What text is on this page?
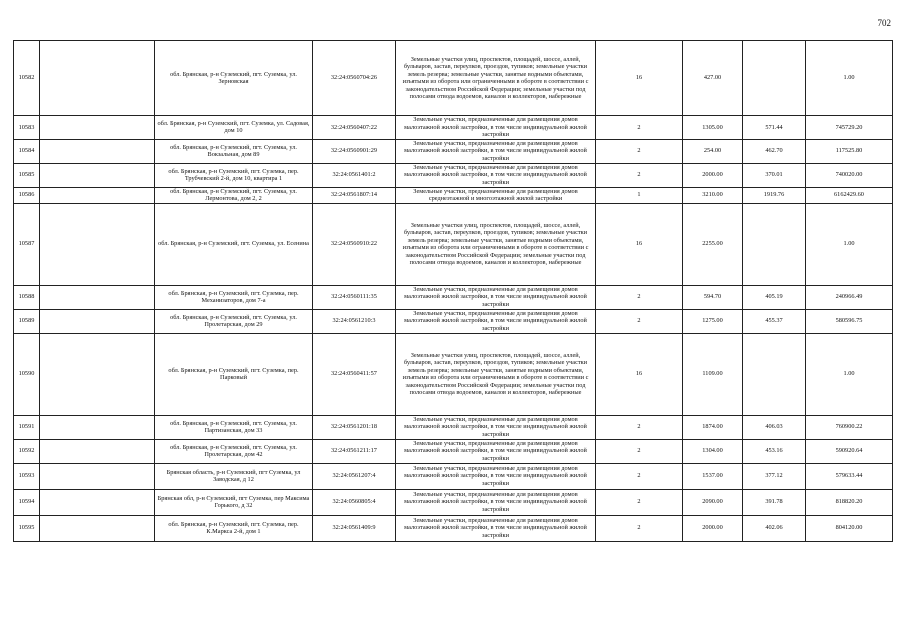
702
10582		обл. Брянская, р-н Суземский, пгт. Суземка, ул. Зерновская	32:24:0560704:26	Земельные участки улиц, проспектов, площадей, шоссе, аллей, бульваров, застав, переулков, проездов, тупиков; земельные участки земель резерва; земельные участки, занятые водными объектами, изъятыми из оборота или ограниченными в обороте в соответствии с законодательством Российской Федерации; земельные участки под полосами отвода водоемов, каналов и коллекторов, набережные	16	427.00		1.00
10583		обл. Брянская, р-н Суземский, пгт. Суземка, ул. Садовая, дом 10	32:24:0560407:22	Земельные участки, предназначенные для размещения домов малоэтажной жилой застройки, в том числе индивидуальной жилой застройки	2	1305.00	571.44	745729.20
10584		обл. Брянская, р-н Суземский, пгт. Суземка, ул. Вокзальная, дом 89	32:24:0560901:29	Земельные участки, предназначенные для размещения домов малоэтажной жилой застройки, в том числе индивидуальной жилой застройки	2	254.00	462.70	117525.80
10585		обл. Брянская, р-н Суземский, пгт. Суземка, пер. Трубчевский 2-й, дом 10, квартира 1	32:24:0561401:2	Земельные участки, предназначенные для размещения домов малоэтажной жилой застройки, в том числе индивидуальной жилой застройки	2	2000.00	370.01	740020.00
10586		обл. Брянская, р-н Суземский, пгт. Суземка, ул. Лермонтова, дом 2, 2	32:24:0561807:14	Земельные участки, предназначенные для размещения домов среднеэтажной и многоэтажной жилой застройки	1	3210.00	1919.76	6162429.60
10587		обл. Брянская, р-н Суземский, пгт. Суземка, ул. Есенина	32:24:0560910:22	Земельные участки улиц, проспектов, площадей, шоссе, аллей, бульваров, застав, переулков, проездов, тупиков; земельные участки земель резерва; земельные участки, занятые водными объектами, изъятыми из оборота или ограниченными в обороте в соответствии с законодательством Российской Федерации; земельные участки под полосами отвода водоемов, каналов и коллекторов, набережные	16	2255.00		1.00
10588		обл. Брянская, р-н Суземский, пгт. Суземка, пер. Механизаторов, дом 7-а	32:24:0560111:35	Земельные участки, предназначенные для размещения домов малоэтажной жилой застройки, в том числе индивидуальной жилой застройки	2	594.70	405.19	240966.49
10589		обл. Брянская, р-н Суземский, пгт. Суземка, ул. Пролетарская, дом 29	32:24:0561210:3	Земельные участки, предназначенные для размещения домов малоэтажной жилой застройки, в том числе индивидуальной жилой застройки	2	1275.00	455.37	580596.75
10590		обл. Брянская, р-н Суземский, пгт. Суземка, пер. Парковый	32:24:0560411:57	Земельные участки улиц, проспектов, площадей, шоссе, аллей, бульваров, застав, переулков, проездов, тупиков; земельные участки земель резерва; земельные участки, занятые водными объектами, изъятыми из оборота или ограниченными в обороте в соответствии с законодательством Российской Федерации; земельные участки под полосами отвода водоемов, каналов и коллекторов, набережные	16	1109.00		1.00
10591		обл. Брянская, р-н Суземский, пгт. Суземка, ул. Партизанская, дом 33	32:24:0561201:18	Земельные участки, предназначенные для размещения домов малоэтажной жилой застройки, в том числе индивидуальной жилой застройки	2	1874.00	406.03	760900.22
10592		обл. Брянская, р-н Суземский, пгт. Суземка, ул. Пролетарская, дом 42	32:24:0561211:17	Земельные участки, предназначенные для размещения домов малоэтажной жилой застройки, в том числе индивидуальной жилой застройки	2	1304.00	453.16	590920.64
10593		Брянская область, р-н Суземский, пгт Суземка, ул Заводская, д 12	32:24:0561207:4	Земельные участки, предназначенные для размещения домов малоэтажной жилой застройки, в том числе индивидуальной жилой застройки	2	1537.00	377.12	579633.44
10594		Брянская обл, р-н Суземский, пгт Суземка, пер Максима Горького, д 32	32:24:0560805:4	Земельные участки, предназначенные для размещения домов малоэтажной жилой застройки, в том числе индивидуальной жилой застройки	2	2090.00	391.78	818820.20
10595		обл. Брянская, р-н Суземский, пгт. Суземка, пер. К.Маркса 2-й, дом 1	32:24:0561409:9	Земельные участки, предназначенные для размещения домов малоэтажной жилой застройки, в том числе индивидуальной жилой застройки	2	2000.00	402.06	804120.00
